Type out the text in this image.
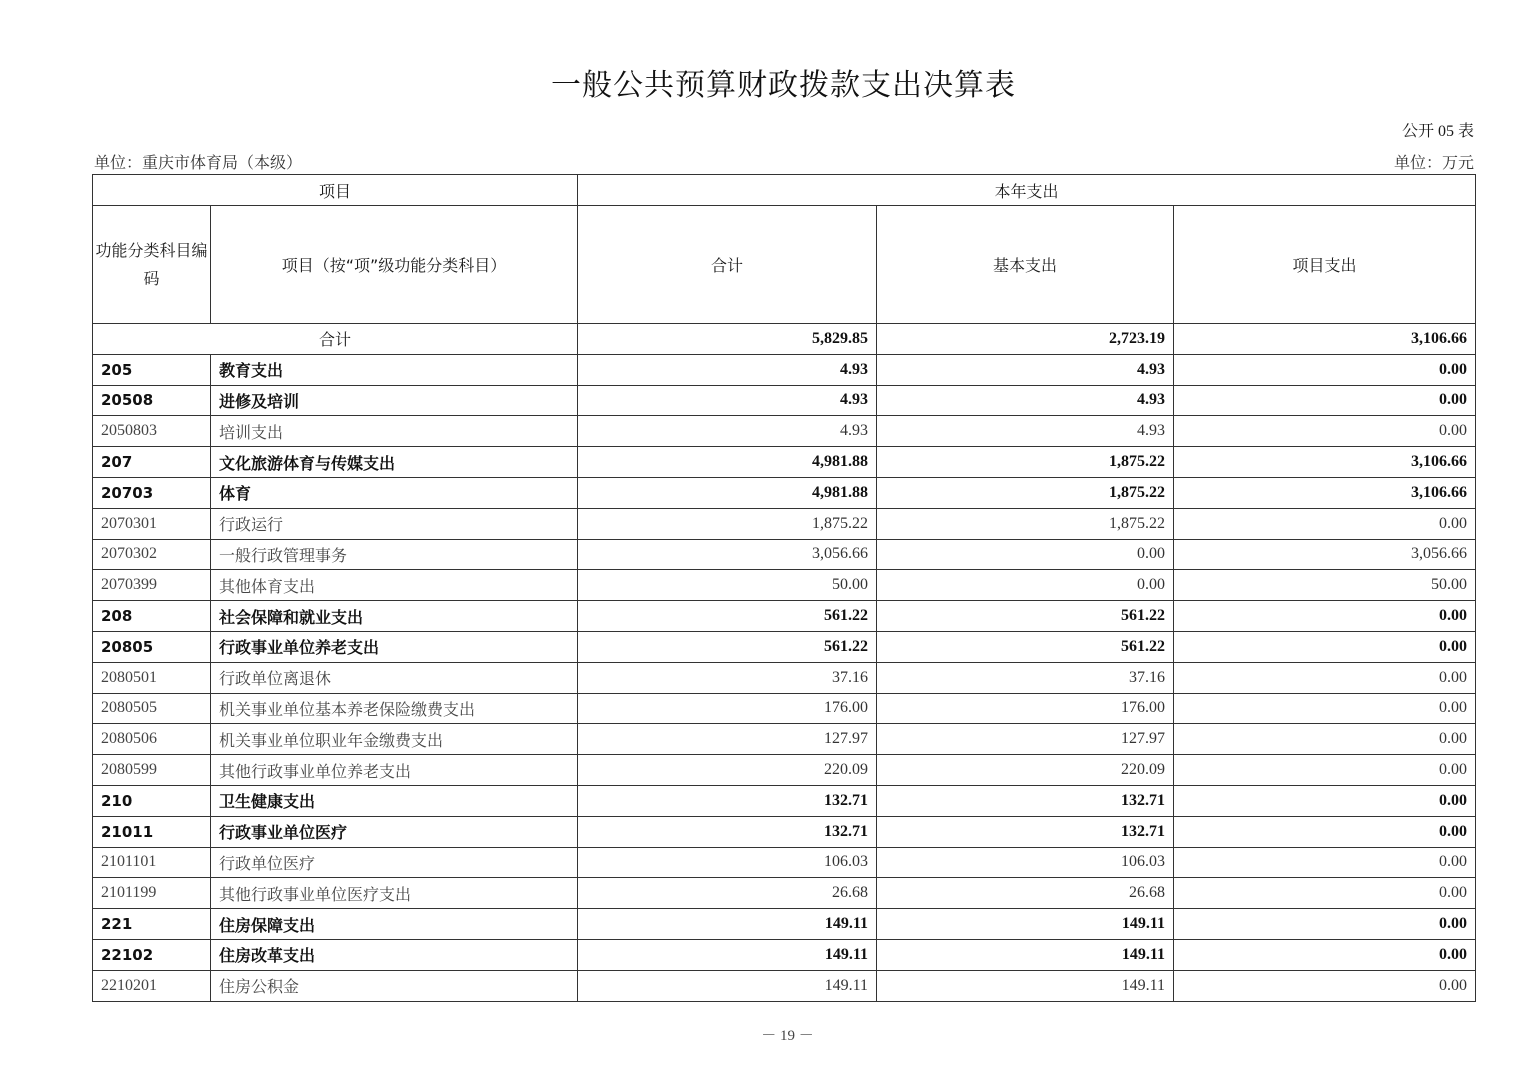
一般公共预算财政拨款支出决算表
公开 05 表
单位：重庆市体育局（本级）	单位：万元
项目		本年支出		
功能分类科目编码	项目（按“项”级功能分类科目）	合计	基本支出	项目支出
合计		5,829.85	2,723.19	3,106.66
205	教育支出	4.93	4.93	0.00
20508	进修及培训	4.93	4.93	0.00
2050803	培训支出	4.93	4.93	0.00
207	文化旅游体育与传媒支出	4,981.88	1,875.22	3,106.66
20703	体育	4,981.88	1,875.22	3,106.66
2070301	行政运行	1,875.22	1,875.22	0.00
2070302	一般行政管理事务	3,056.66	0.00	3,056.66
2070399	其他体育支出	50.00	0.00	50.00
208	社会保障和就业支出	561.22	561.22	0.00
20805	行政事业单位养老支出	561.22	561.22	0.00
2080501	行政单位离退休	37.16	37.16	0.00
2080505	机关事业单位基本养老保险缴费支出	176.00	176.00	0.00
2080506	机关事业单位职业年金缴费支出	127.97	127.97	0.00
2080599	其他行政事业单位养老支出	220.09	220.09	0.00
210	卫生健康支出	132.71	132.71	0.00
21011	行政事业单位医疗	132.71	132.71	0.00
2101101	行政单位医疗	106.03	106.03	0.00
2101199	其他行政事业单位医疗支出	26.68	26.68	0.00
221	住房保障支出	149.11	149.11	0.00
22102	住房改革支出	149.11	149.11	0.00
2210201	住房公积金	149.11	149.11	0.00
－ 19 －
